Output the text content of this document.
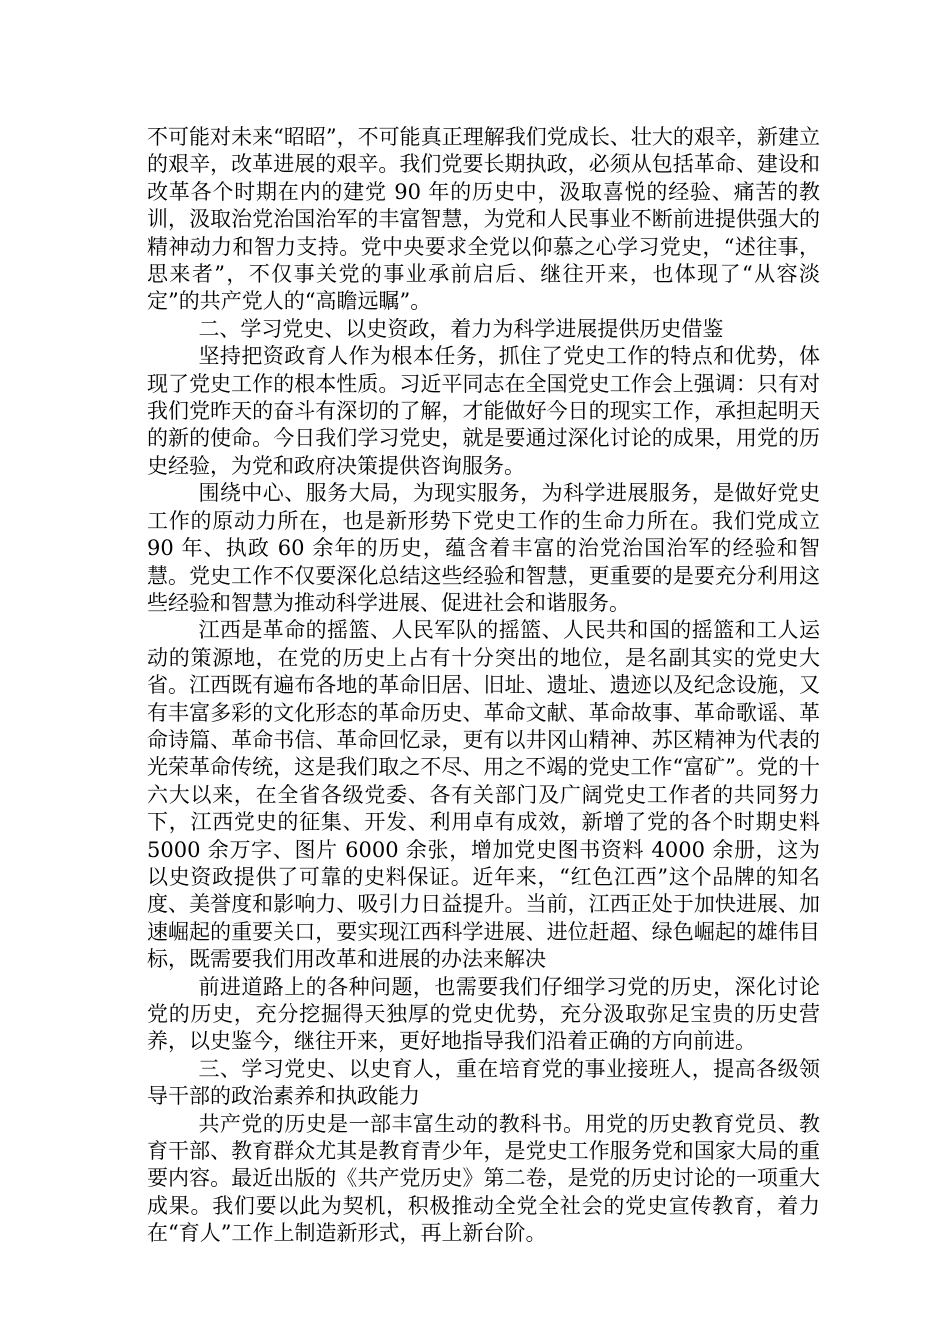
不可能对未来“昭昭”，不可能真正理解我们党成长、壮大的艰辛，新建立的艰辛，改革进展的艰辛。我们党要长期执政，必须从包括革命、建设和改革各个时期在内的建党 90 年的历史中，汲取喜悦的经验、痛苦的教训，汲取治党治国治军的丰富智慧，为党和人民事业不断前进提供强大的精神动力和智力支持。党中央要求全党以仰慕之心学习党史，“述往事，思来者”，不仅事关党的事业承前启后、继往开来，也体现了“从容淡定”的共产党人的“高瞻远瞩”。

二、学习党史、以史资政，着力为科学进展提供历史借鉴

坚持把资政育人作为根本任务，抓住了党史工作的特点和优势，体现了党史工作的根本性质。习近平同志在全国党史工作会上强调：只有对我们党昨天的奋斗有深切的了解，才能做好今日的现实工作，承担起明天的新的使命。今日我们学习党史，就是要通过深化讨论的成果，用党的历史经验，为党和政府决策提供咨询服务。

围绕中心、服务大局，为现实服务，为科学进展服务，是做好党史工作的原动力所在，也是新形势下党史工作的生命力所在。我们党成立 90 年、执政 60 余年的历史，蕴含着丰富的治党治国治军的经验和智慧。党史工作不仅要深化总结这些经验和智慧，更重要的是要充分利用这些经验和智慧为推动科学进展、促进社会和谐服务。

江西是革命的摇篮、人民军队的摇篮、人民共和国的摇篮和工人运动的策源地，在党的历史上占有十分突出的地位，是名副其实的党史大省。江西既有遍布各地的革命旧居、旧址、遗址、遗迹以及纪念设施，又有丰富多彩的文化形态的革命历史、革命文献、革命故事、革命歌谣、革命诗篇、革命书信、革命回忆录，更有以井冈山精神、苏区精神为代表的光荣革命传统，这是我们取之不尽、用之不竭的党史工作“富矿”。党的十六大以来，在全省各级党委、各有关部门及广阔党史工作者的共同努力下，江西党史的征集、开发、利用卓有成效，新增了党的各个时期史料 5000 余万字、图片 6000 余张，增加党史图书资料 4000 余册，这为以史资政提供了可靠的史料保证。近年来，“红色江西”这个品牌的知名度、美誉度和影响力、吸引力日益提升。当前，江西正处于加快进展、加速崛起的重要关口，要实现江西科学进展、进位赶超、绿色崛起的雄伟目标，既需要我们用改革和进展的办法来解决

前进道路上的各种问题，也需要我们仔细学习党的历史，深化讨论党的历史，充分挖掘得天独厚的党史优势，充分汲取弥足宝贵的历史营养，以史鉴今，继往开来，更好地指导我们沿着正确的方向前进。

三、学习党史、以史育人，重在培育党的事业接班人，提高各级领导干部的政治素养和执政能力

共产党的历史是一部丰富生动的教科书。用党的历史教育党员、教育干部、教育群众尤其是教育青少年，是党史工作服务党和国家大局的重要内容。最近出版的《共产党历史》第二卷，是党的历史讨论的一项重大成果。我们要以此为契机，积极推动全党全社会的党史宣传教育，着力在“育人”工作上制造新形式，再上新台阶。
